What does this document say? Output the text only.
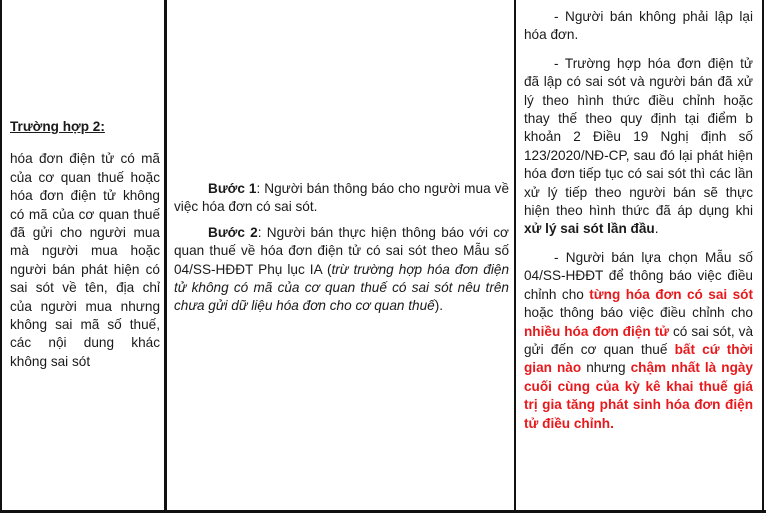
Trường hợp 2:

hóa đơn điện tử có mã của cơ quan thuế hoặc hóa đơn điện tử không có mã của cơ quan thuế đã gửi cho người mua mà người mua hoặc người bán phát hiện có sai sót về tên, địa chỉ của người mua nhưng không sai mã số thuế, các nội dung khác không sai sót

Bước 1: Người bán thông báo cho người mua về việc hóa đơn có sai sót.

Bước 2: Người bán thực hiện thông báo với cơ quan thuế về hóa đơn điện tử có sai sót theo Mẫu số 04/SS-HĐĐT Phụ lục IA (trừ trường hợp hóa đơn điện tử không có mã của cơ quan thuế có sai sót nêu trên chưa gửi dữ liệu hóa đơn cho cơ quan thuế).

- Người bán không phải lập lại hóa đơn.

- Trường hợp hóa đơn điện tử đã lập có sai sót và người bán đã xử lý theo hình thức điều chỉnh hoặc thay thế theo quy định tại điểm b khoản 2 Điều 19 Nghị định số 123/2020/NĐ-CP, sau đó lại phát hiện hóa đơn tiếp tục có sai sót thì các lần xử lý tiếp theo người bán sẽ thực hiện theo hình thức đã áp dụng khi xử lý sai sót lần đầu.

- Người bán lựa chọn Mẫu số 04/SS-HĐĐT để thông báo việc điều chỉnh cho từng hóa đơn có sai sót hoặc thông báo việc điều chỉnh cho nhiều hóa đơn điện tử có sai sót, và gửi đến cơ quan thuế bất cứ thời gian nào nhưng chậm nhất là ngày cuối cùng của kỳ kê khai thuế giá trị gia tăng phát sinh hóa đơn điện tử điều chỉnh.
